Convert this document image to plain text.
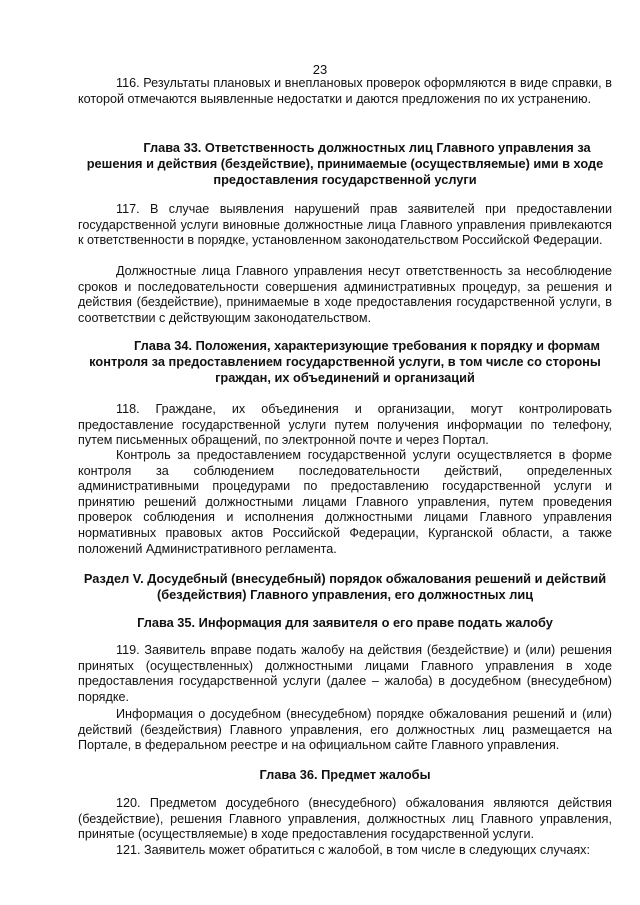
23
116. Результаты плановых и внеплановых проверок оформляются в виде справки, в которой отмечаются выявленные недостатки и даются предложения по их устранению.
Глава 33. Ответственность должностных лиц Главного управления за решения и действия (бездействие), принимаемые (осуществляемые) ими в ходе предоставления государственной услуги
117. В случае выявления нарушений прав заявителей при предоставлении государственной услуги виновные должностные лица Главного управления привлекаются к ответственности в порядке, установленном законодательством Российской Федерации.
Должностные лица Главного управления несут ответственность за несоблюдение сроков и последовательности совершения административных процедур, за решения и действия (бездействие), принимаемые в ходе предоставления государственной услуги, в соответствии с действующим законодательством.
Глава 34. Положения, характеризующие требования к порядку и формам контроля за предоставлением государственной услуги, в том числе со стороны граждан, их объединений и организаций
118. Граждане, их объединения и организации, могут контролировать предоставление государственной услуги путем получения информации по телефону, путем письменных обращений, по электронной почте и через Портал.
Контроль за предоставлением государственной услуги осуществляется в форме контроля за соблюдением последовательности действий, определенных административными процедурами по предоставлению государственной услуги и принятию решений должностными лицами Главного управления, путем проведения проверок соблюдения и исполнения должностными лицами Главного управления нормативных правовых актов Российской Федерации, Курганской области, а также положений Административного регламента.
Раздел V. Досудебный (внесудебный) порядок обжалования решений и действий (бездействия) Главного управления, его должностных лиц
Глава 35. Информация для заявителя о его праве подать жалобу
119. Заявитель вправе подать жалобу на действия (бездействие) и (или) решения принятых (осуществленных) должностными лицами Главного управления в ходе предоставления государственной услуги (далее – жалоба) в досудебном (внесудебном) порядке.
Информация о досудебном (внесудебном) порядке обжалования решений и (или) действий (бездействия) Главного управления, его должностных лиц размещается на Портале, в федеральном реестре и на официальном сайте Главного управления.
Глава 36. Предмет жалобы
120. Предметом досудебного (внесудебного) обжалования являются действия (бездействие), решения Главного управления, должностных лиц Главного управления, принятые (осуществляемые) в ходе предоставления государственной услуги.
121. Заявитель может обратиться с жалобой, в том числе в следующих случаях:
